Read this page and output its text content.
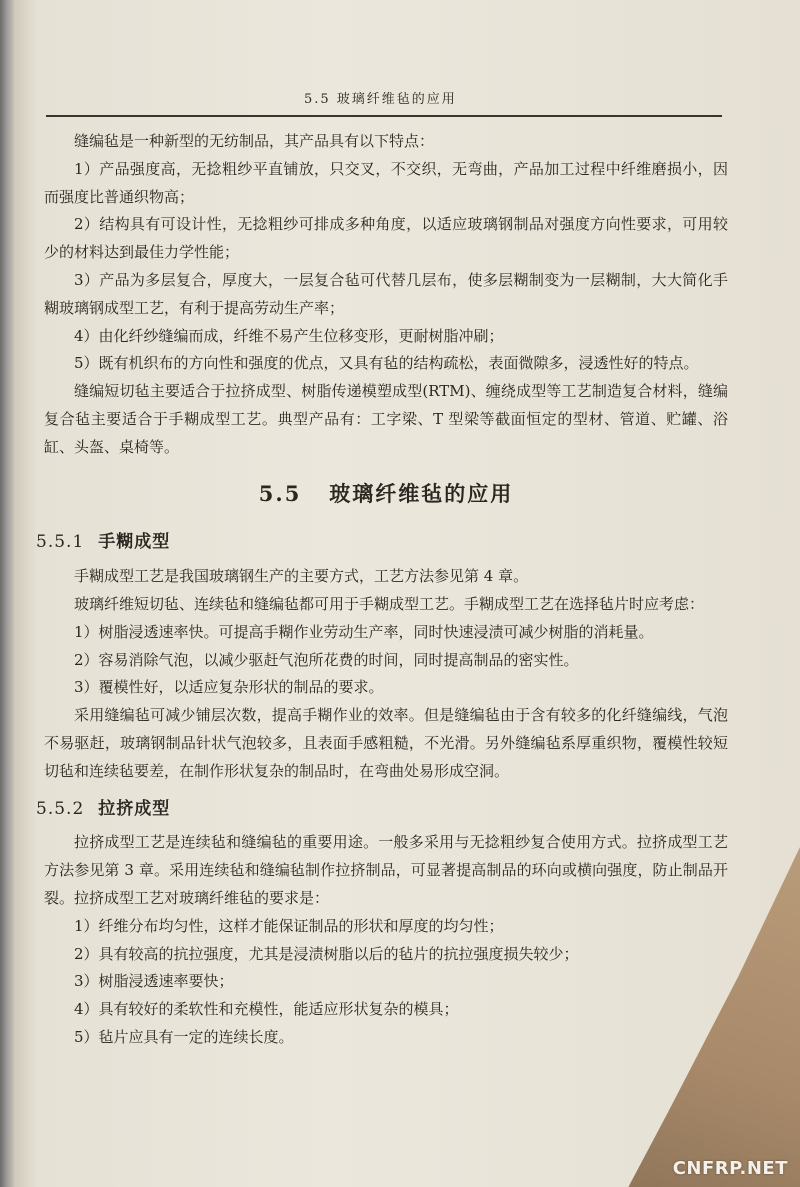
5.5 玻璃纤维毡的应用

缝编毡是一种新型的无纺制品，其产品具有以下特点：

1）产品强度高，无捻粗纱平直铺放，只交叉，不交织，无弯曲，产品加工过程中纤维磨损小，因而强度比普通织物高；

2）结构具有可设计性，无捻粗纱可排成多种角度，以适应玻璃钢制品对强度方向性要求，可用较少的材料达到最佳力学性能；

3）产品为多层复合，厚度大，一层复合毡可代替几层布，使多层糊制变为一层糊制，大大简化手糊玻璃钢成型工艺，有利于提高劳动生产率；

4）由化纤纱缝编而成，纤维不易产生位移变形，更耐树脂冲刷；

5）既有机织布的方向性和强度的优点，又具有毡的结构疏松，表面微隙多，浸透性好的特点。

缝编短切毡主要适合于拉挤成型、树脂传递模塑成型(RTM)、缠绕成型等工艺制造复合材料，缝编复合毡主要适合于手糊成型工艺。典型产品有：工字梁、T 型梁等截面恒定的型材、管道、贮罐、浴缸、头盔、桌椅等。

5.5   玻璃纤维毡的应用
5.5.1 手糊成型

手糊成型工艺是我国玻璃钢生产的主要方式，工艺方法参见第 4 章。

玻璃纤维短切毡、连续毡和缝编毡都可用于手糊成型工艺。手糊成型工艺在选择毡片时应考虑：

1）树脂浸透速率快。可提高手糊作业劳动生产率，同时快速浸渍可减少树脂的消耗量。

2）容易消除气泡，以减少驱赶气泡所花费的时间，同时提高制品的密实性。

3）覆模性好，以适应复杂形状的制品的要求。

采用缝编毡可减少铺层次数，提高手糊作业的效率。但是缝编毡由于含有较多的化纤缝编线，气泡不易驱赶，玻璃钢制品针状气泡较多，且表面手感粗糙，不光滑。另外缝编毡系厚重织物，覆模性较短切毡和连续毡要差，在制作形状复杂的制品时，在弯曲处易形成空洞。

5.5.2 拉挤成型

拉挤成型工艺是连续毡和缝编毡的重要用途。一般多采用与无捻粗纱复合使用方式。拉挤成型工艺方法参见第 3 章。采用连续毡和缝编毡制作拉挤制品，可显著提高制品的环向或横向强度，防止制品开裂。拉挤成型工艺对玻璃纤维毡的要求是：

1）纤维分布均匀性，这样才能保证制品的形状和厚度的均匀性；

2）具有较高的抗拉强度，尤其是浸渍树脂以后的毡片的抗拉强度损失较少；

3）树脂浸透速率要快；

4）具有较好的柔软性和充模性，能适应形状复杂的模具；

5）毡片应具有一定的连续长度。

CNFRP.NET
